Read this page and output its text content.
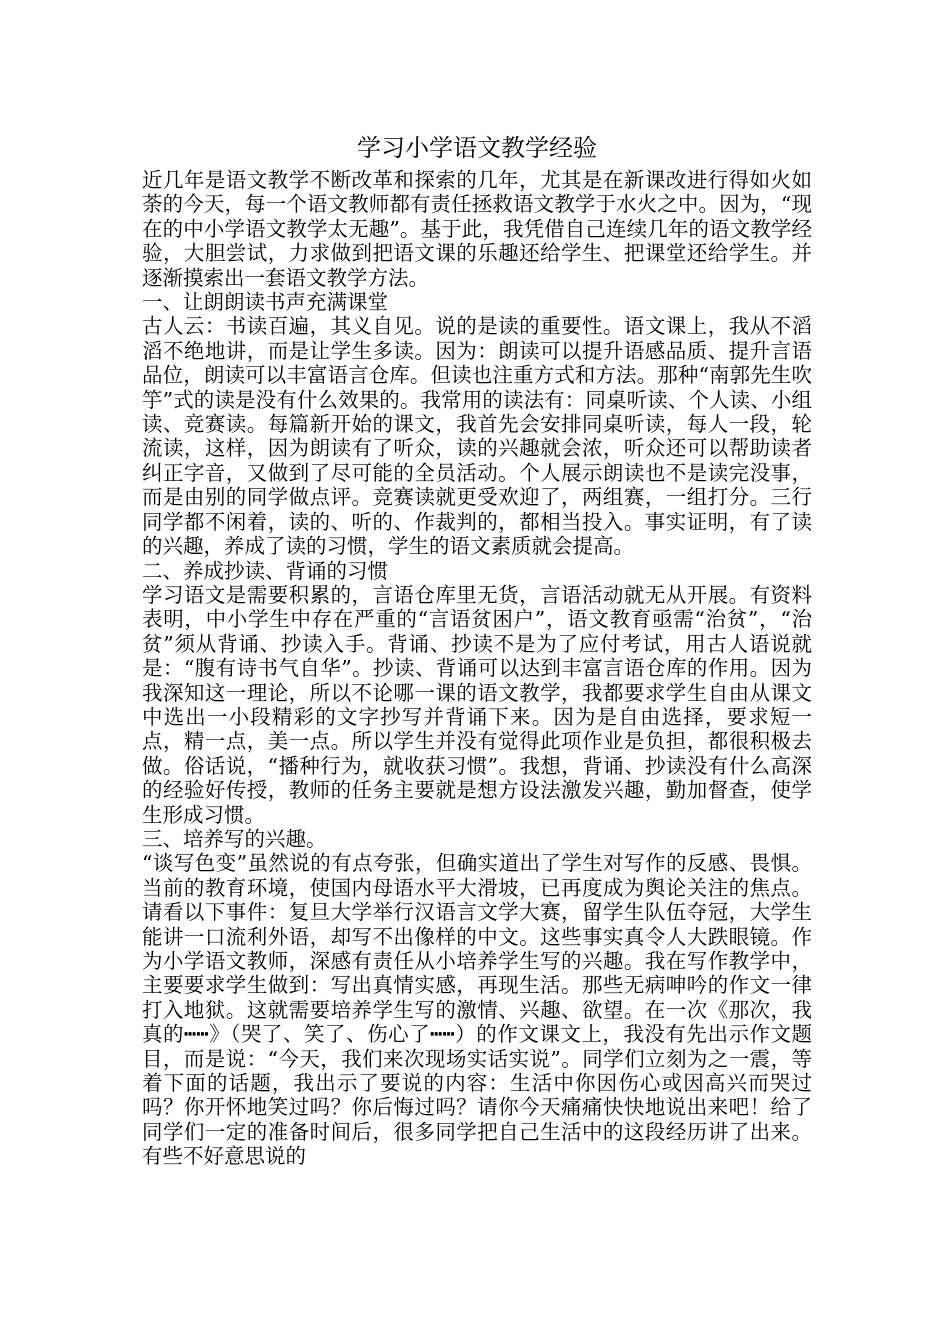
学习小学语文教学经验

近几年是语文教学不断改革和探索的几年，尤其是在新课改进行得如火如荼的今天，每一个语文教师都有责任拯救语文教学于水火之中。因为，“现在的中小学语文教学太无趣”。基于此，我凭借自己连续几年的语文教学经验，大胆尝试，力求做到把语文课的乐趣还给学生、把课堂还给学生。并逐渐摸索出一套语文教学方法。

一、让朗朗读书声充满课堂

古人云：书读百遍，其义自见。说的是读的重要性。语文课上，我从不滔滔不绝地讲，而是让学生多读。因为：朗读可以提升语感品质、提升言语品位，朗读可以丰富语言仓库。但读也注重方式和方法。那种“南郭先生吹竽”式的读是没有什么效果的。我常用的读法有：同桌听读、个人读、小组读、竞赛读。每篇新开始的课文，我首先会安排同桌听读，每人一段，轮流读，这样，因为朗读有了听众，读的兴趣就会浓，听众还可以帮助读者纠正字音，又做到了尽可能的全员活动。个人展示朗读也不是读完没事，而是由别的同学做点评。竞赛读就更受欢迎了，两组赛，一组打分。三行同学都不闲着，读的、听的、作裁判的，都相当投入。事实证明，有了读的兴趣，养成了读的习惯，学生的语文素质就会提高。

二、养成抄读、背诵的习惯

学习语文是需要积累的，言语仓库里无货，言语活动就无从开展。有资料表明，中小学生中存在严重的“言语贫困户”，语文教育亟需“治贫”，“治贫”须从背诵、抄读入手。背诵、抄读不是为了应付考试，用古人语说就是：“腹有诗书气自华”。抄读、背诵可以达到丰富言语仓库的作用。因为我深知这一理论，所以不论哪一课的语文教学，我都要求学生自由从课文中选出一小段精彩的文字抄写并背诵下来。因为是自由选择，要求短一点，精一点，美一点。所以学生并没有觉得此项作业是负担，都很积极去做。俗话说，“播种行为，就收获习惯”。我想，背诵、抄读没有什么高深的经验好传授，教师的任务主要就是想方设法激发兴趣，勤加督查，使学生形成习惯。

三、培养写的兴趣。

“谈写色变”虽然说的有点夸张，但确实道出了学生对写作的反感、畏惧。当前的教育环境，使国内母语水平大滑坡，已再度成为舆论关注的焦点。请看以下事件：复旦大学举行汉语言文学大赛，留学生队伍夺冠，大学生能讲一口流利外语，却写不出像样的中文。这些事实真令人大跌眼镜。作为小学语文教师，深感有责任从小培养学生写的兴趣。我在写作教学中，主要要求学生做到：写出真情实感，再现生活。那些无病呻吟的作文一律打入地狱。这就需要培养学生写的激情、兴趣、欲望。在一次《那次，我真的┅┅》（哭了、笑了、伤心了┅┅）的作文课文上，我没有先出示作文题目，而是说：“今天，我们来次现场实话实说”。同学们立刻为之一震，等着下面的话题，我出示了要说的内容：生活中你因伤心或因高兴而哭过吗？你开怀地笑过吗？你后悔过吗？请你今天痛痛快快地说出来吧！给了同学们一定的准备时间后，很多同学把自己生活中的这段经历讲了出来。有些不好意思说的
